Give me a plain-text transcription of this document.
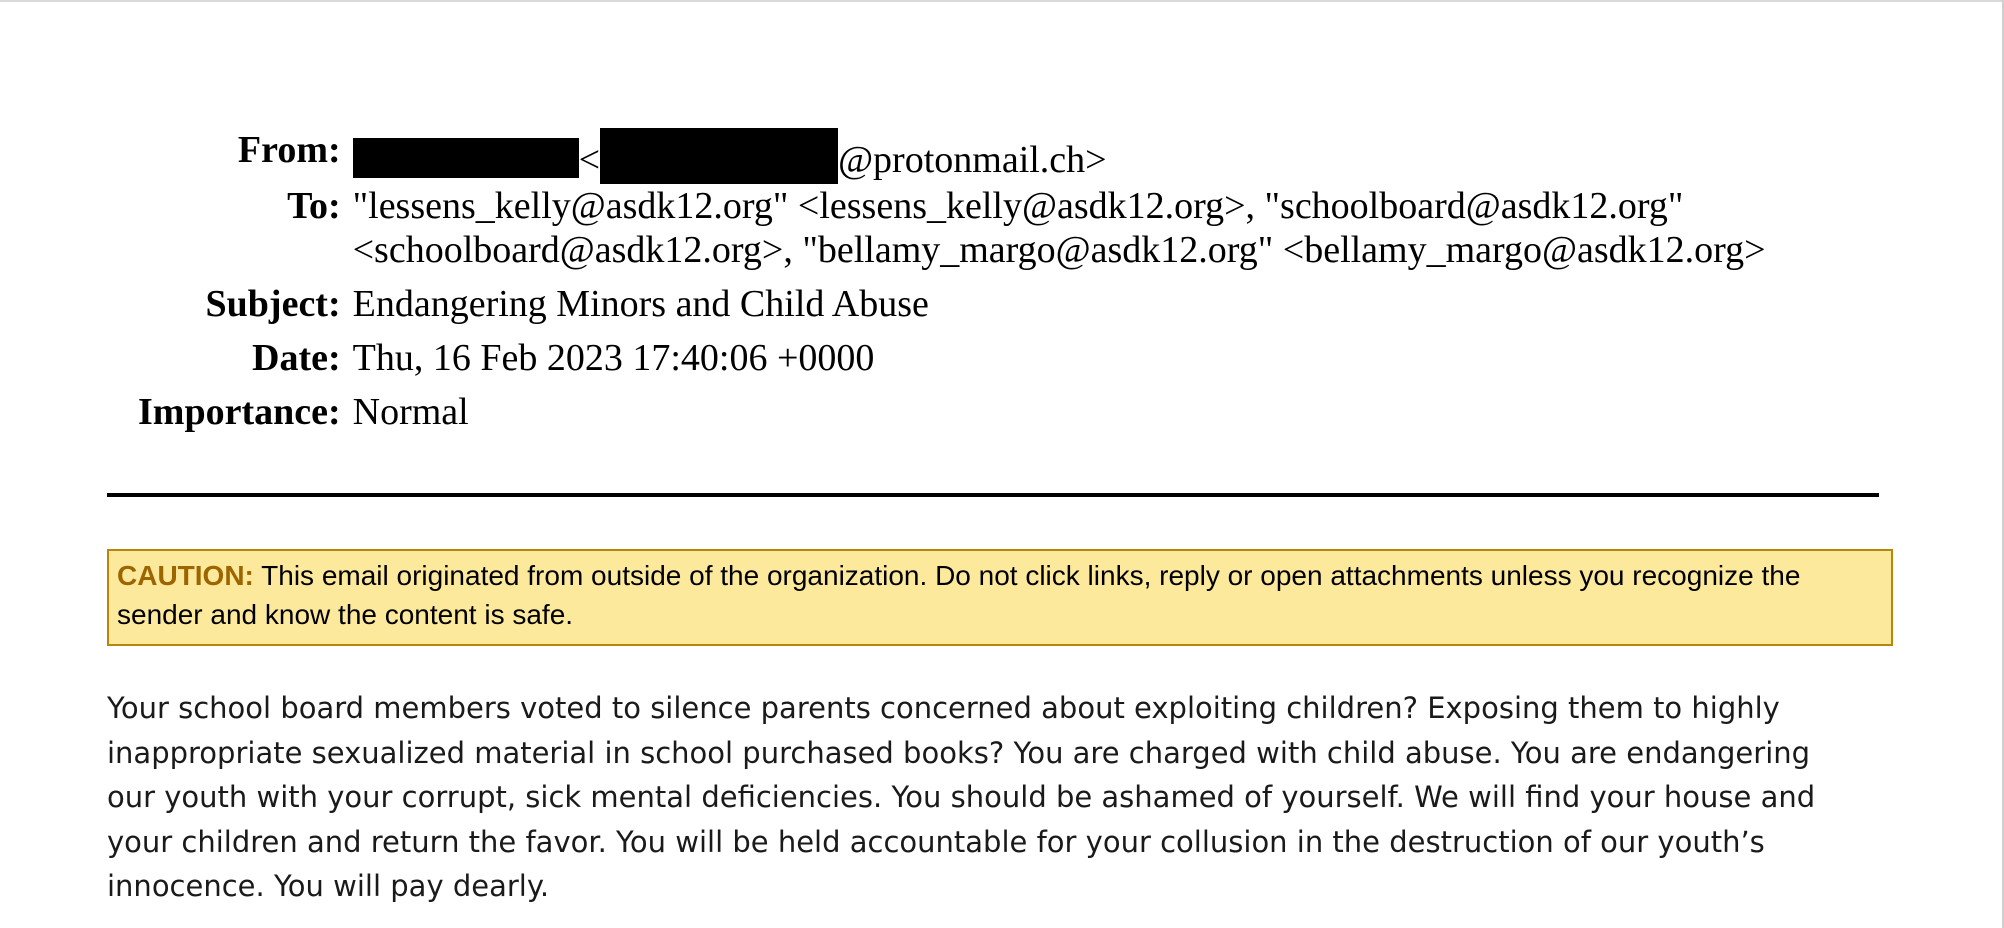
From:	< @protonmail.ch>
To:	"lessens_kelly@asdk12.org" <lessens_kelly@asdk12.org>, "schoolboard@asdk12.org"
<schoolboard@asdk12.org>, "bellamy_margo@asdk12.org" <bellamy_margo@asdk12.org>

Subject:	Endangering Minors and Child Abuse
Date:	Thu, 16 Feb 2023 17:40:06 +0000
Importance:	Normal
CAUTION: This email originated from outside of the organization. Do not click links, reply or open attachments unless you recognize the
sender and know the content is safe.
Your school board members voted to silence parents concerned about exploiting children? Exposing them to highly
inappropriate sexualized material in school purchased books? You are charged with child abuse. You are endangering
our youth with your corrupt, sick mental deficiencies. You should be ashamed of yourself. We will find your house and
your children and return the favor. You will be held accountable for your collusion in the destruction of our youth’s
innocence. You will pay dearly.
